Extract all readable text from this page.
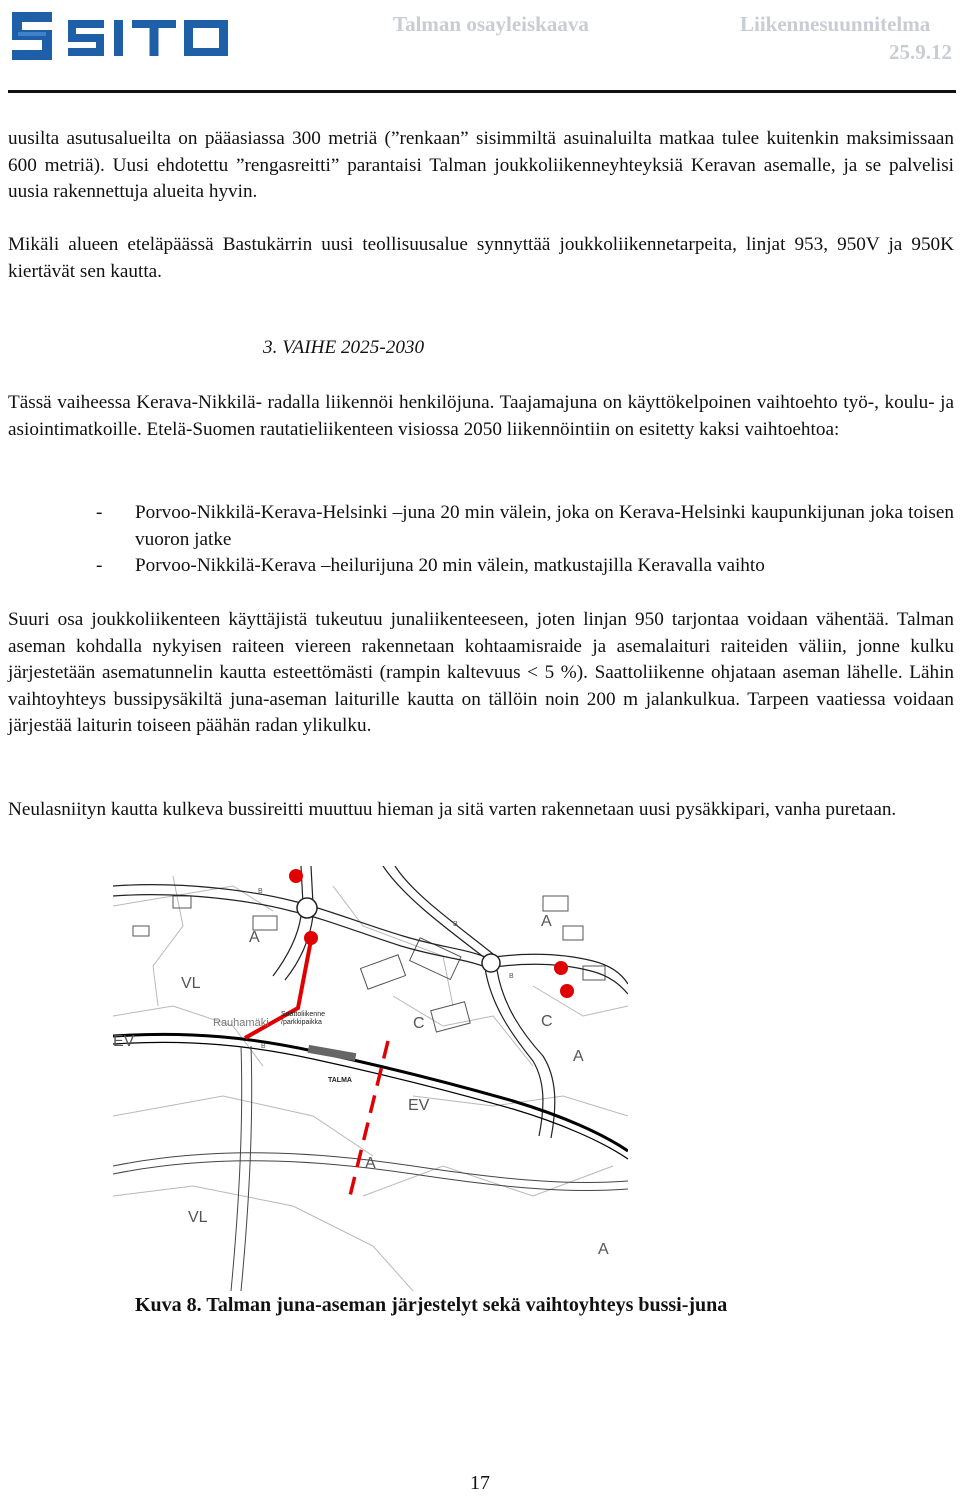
Talman osayleiskaava	Liikennesuunnitelma
25.9.12

uusilta asutusalueilta on pääasiassa 300 metriä (”renkaan” sisimmiltä asuinaluilta matkaa tulee kuitenkin maksimissaan 600 metriä). Uusi ehdotettu ”rengasreitti” parantaisi Talman joukkoliikenneyhteyksiä Keravan asemalle, ja se palvelisi uusia rakennettuja alueita hyvin.

Mikäli alueen eteläpäässä Bastukärrin uusi teollisuusalue synnyttää joukkoliikennetarpeita, linjat 953, 950V ja 950K kiertävät sen kautta.

3. VAIHE 2025-2030

Tässä vaiheessa Kerava-Nikkilä- radalla liikennöi henkilöjuna. Taajamajuna on käyttökelpoinen vaihtoehto työ-, koulu- ja asiointimatkoille. Etelä-Suomen rautatieliikenteen visiossa 2050 liikennöintiin on esitetty kaksi vaihtoehtoa:

- Porvoo-Nikkilä-Kerava-Helsinki –juna 20 min välein, joka on Kerava-Helsinki kaupunkijunan joka toisen vuoron jatke
- Porvoo-Nikkilä-Kerava –heilurijuna 20 min välein, matkustajilla Keravalla vaihto

Suuri osa joukkoliikenteen käyttäjistä tukeutuu junaliikenteeseen, joten linjan 950 tarjontaa voidaan vähentää. Talman aseman kohdalla nykyisen raiteen viereen rakennetaan kohtaamisraide ja asemalaituri raiteiden väliin, jonne kulku järjestetään asematunnelin kautta esteettömästi (rampin kaltevuus < 5 %). Saattoliikenne ohjataan aseman lähelle. Lähin vaihtoyhteys bussipysäkiltä juna-aseman laiturille kautta on tällöin noin 200 m jalankulkua. Tarpeen vaatiessa voidaan järjestää laiturin toiseen päähän radan ylikulku.

Neulasniityn kautta kulkeva bussireitti muuttuu hieman ja sitä varten rakennetaan uusi pysäkkipari, vanha puretaan.

A
VL
A
C	C
A
EV
EV
A
VL
A
B
B
B
B
Rauhamäki
TALMA
Saattoliikenne
/parkkipaikka
Kuva 8. Talman juna-aseman järjestelyt sekä vaihtoyhteys bussi-juna
17
